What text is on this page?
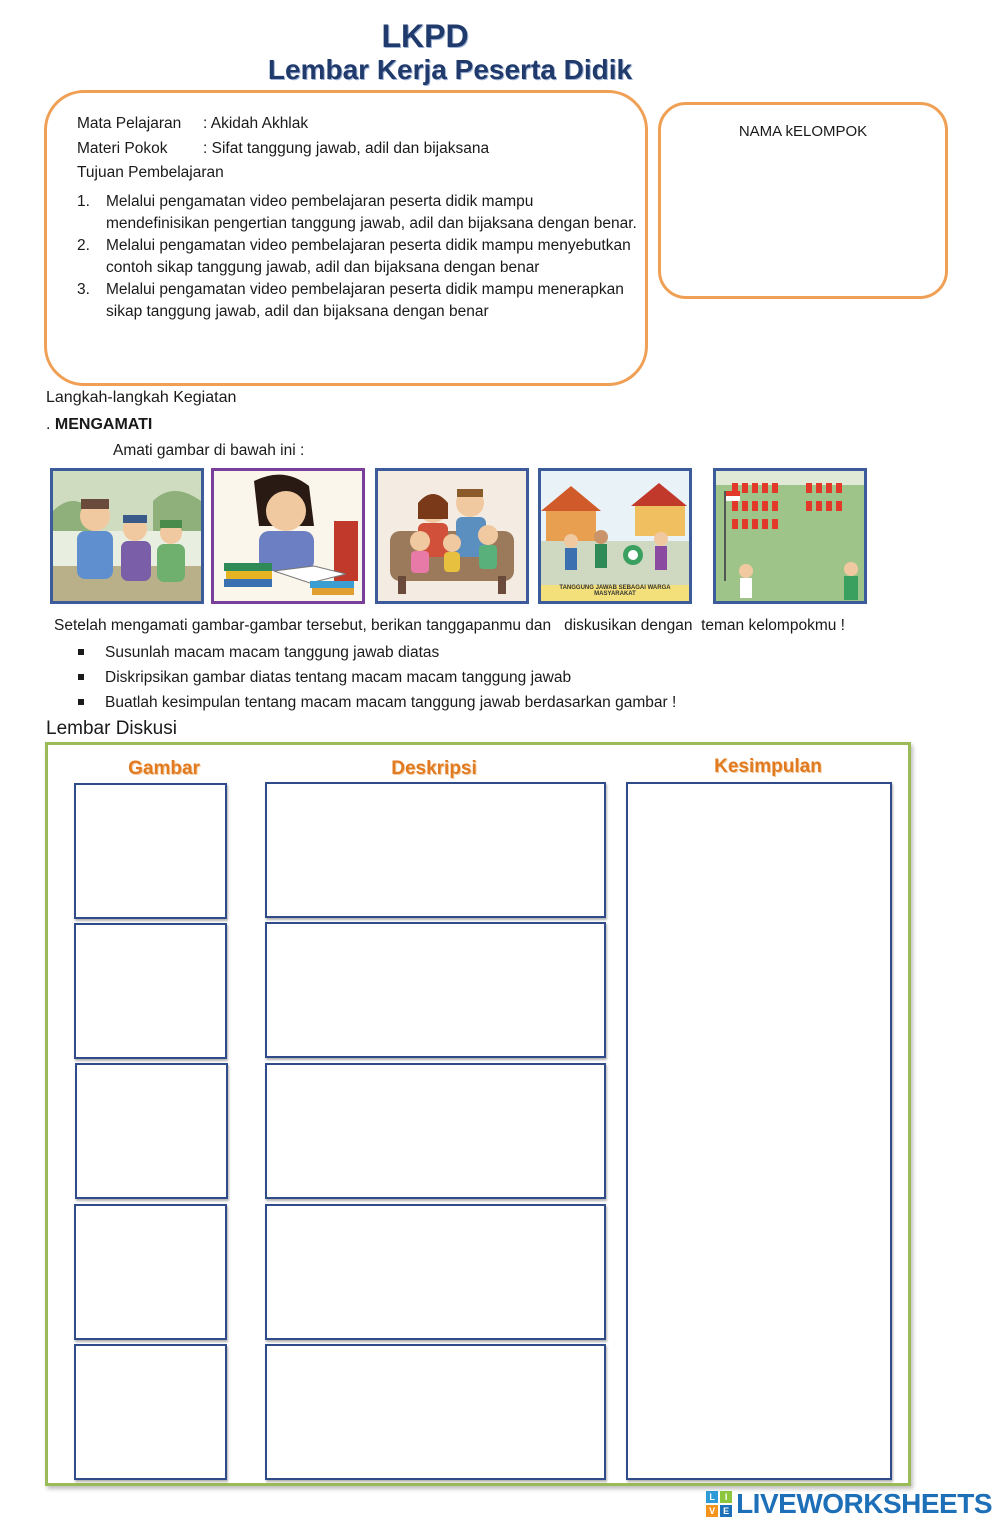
LKPD
Lembar Kerja Peserta Didik
Mata Pelajaran : Akidah Akhlak
Materi Pokok : Sifat tanggung jawab, adil dan bijaksana
Tujuan Pembelajaran
1. Melalui pengamatan video pembelajaran peserta didik mampu mendefinisikan pengertian tanggung jawab, adil dan bijaksana dengan benar.
2. Melalui pengamatan video pembelajaran peserta didik mampu menyebutkan contoh sikap tanggung jawab, adil dan bijaksana dengan benar
3. Melalui pengamatan video pembelajaran peserta didik mampu menerapkan sikap tanggung jawab, adil dan bijaksana dengan benar
NAMA kELOMPOK
Langkah-langkah Kegiatan
. MENGAMATI
Amati gambar di bawah ini :
TANGGUNG JAWAB SEBAGAI WARGA MASYARAKAT
Setelah mengamati gambar-gambar tersebut, berikan tanggapanmu dan   diskusikan dengan  teman kelompokmu !
Susunlah macam macam tanggung jawab diatas
Diskripsikan gambar diatas tentang macam macam tanggung jawab
Buatlah kesimpulan tentang macam macam tanggung jawab berdasarkan gambar !
Lembar Diskusi
Gambar	Deskripsi	Kesimpulan
L	I
V E LIVEWORKSHEETS
